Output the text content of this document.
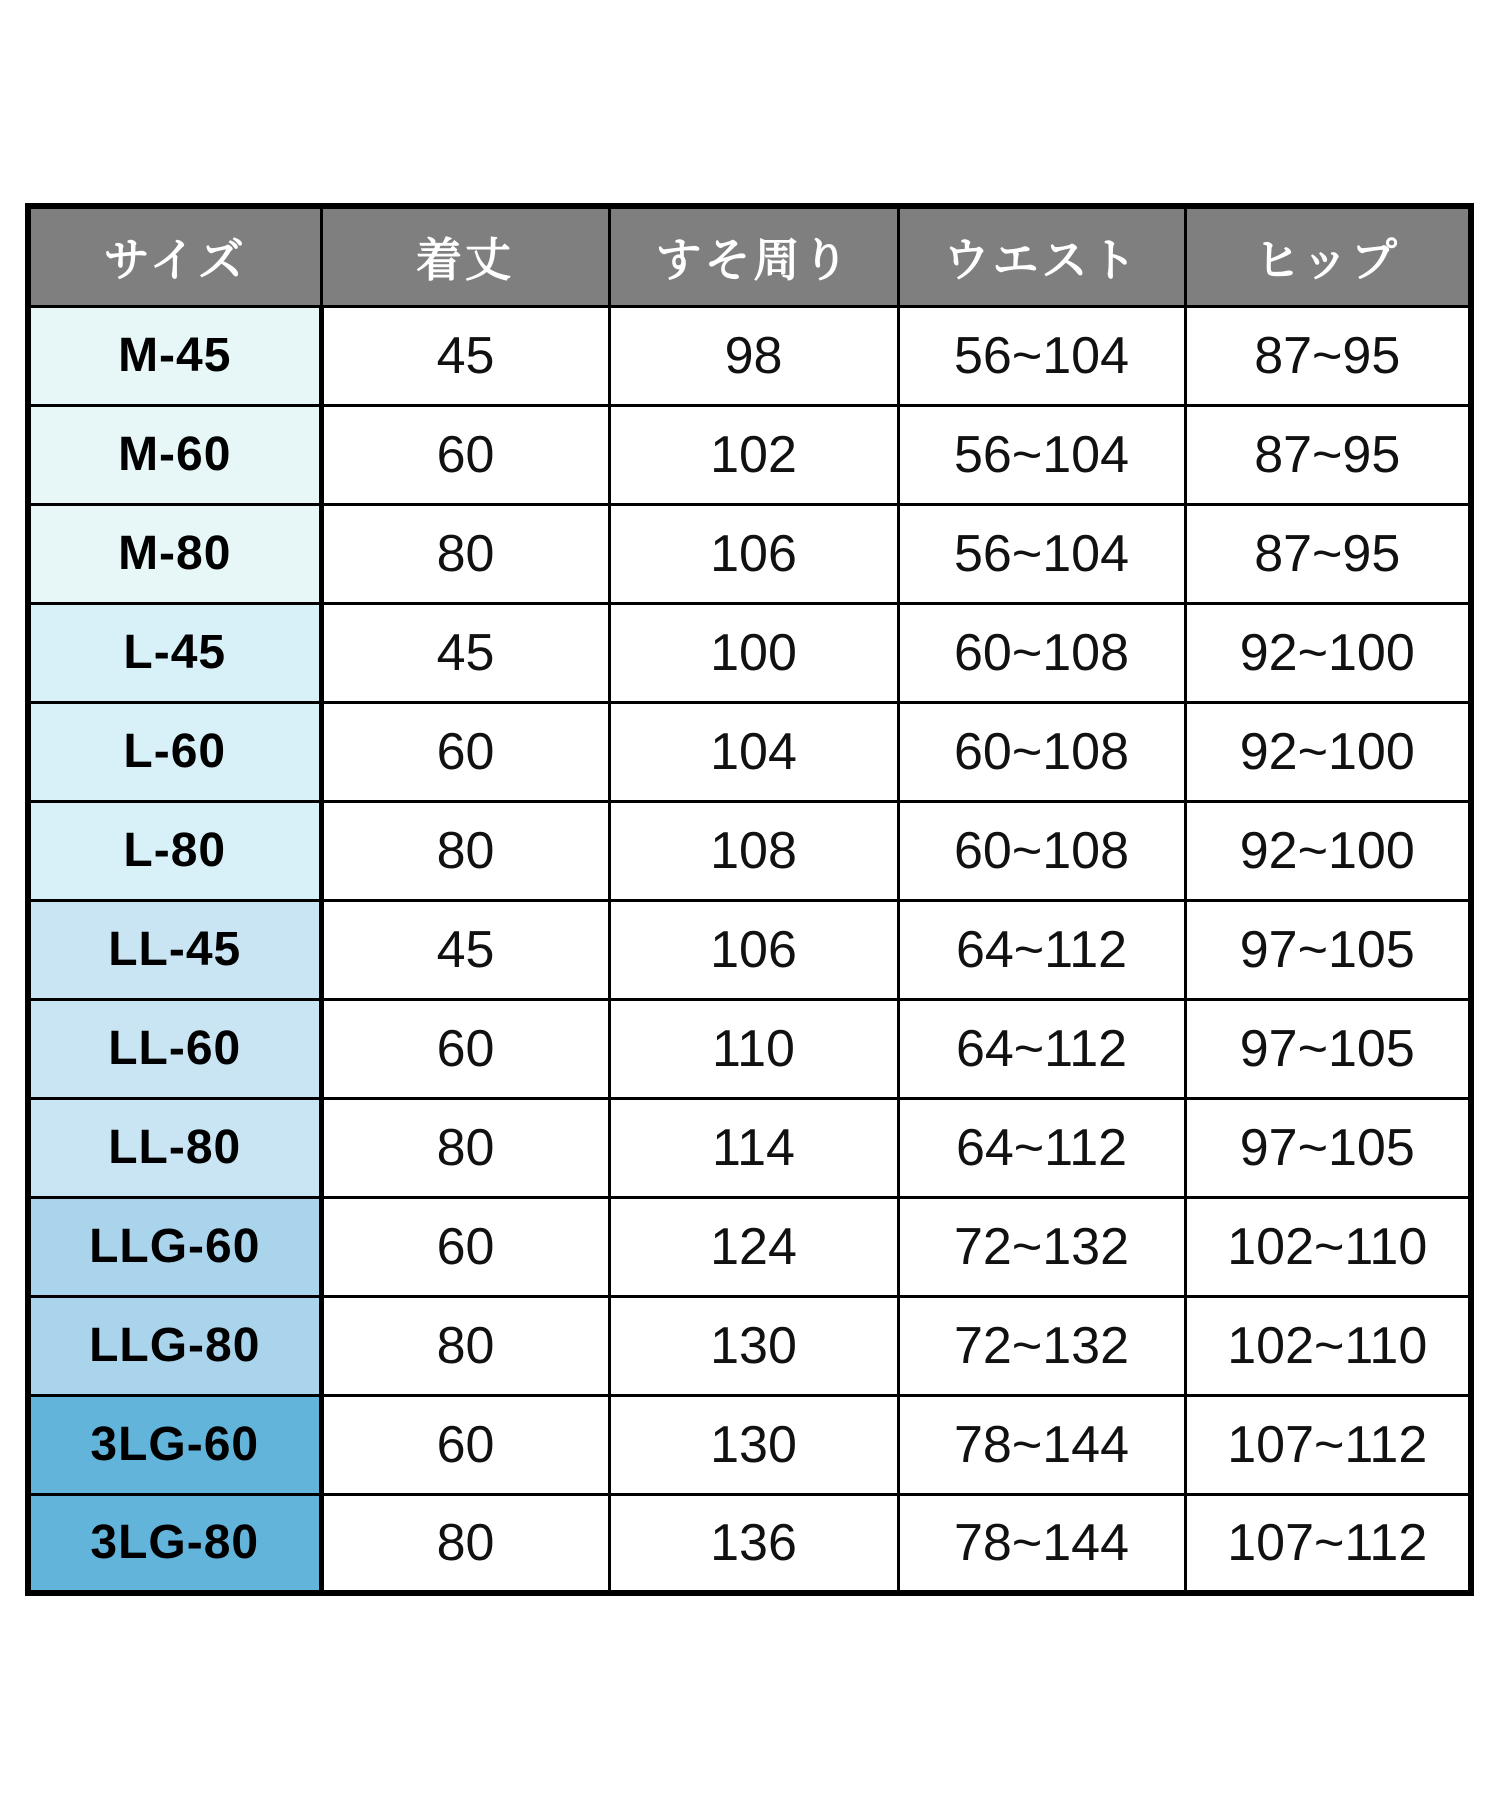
サイズ	着丈	すそ周り	ウエスト	ヒップ
M-45	45	98	56~104	87~95
M-60	60	102	56~104	87~95
M-80	80	106	56~104	87~95
L-45	45	100	60~108	92~100
L-60	60	104	60~108	92~100
L-80	80	108	60~108	92~100
LL-45	45	106	64~112	97~105
LL-60	60	110	64~112	97~105
LL-80	80	114	64~112	97~105
LLG-60	60	124	72~132	102~110
LLG-80	80	130	72~132	102~110
3LG-60	60	130	78~144	107~112
3LG-80	80	136	78~144	107~112
